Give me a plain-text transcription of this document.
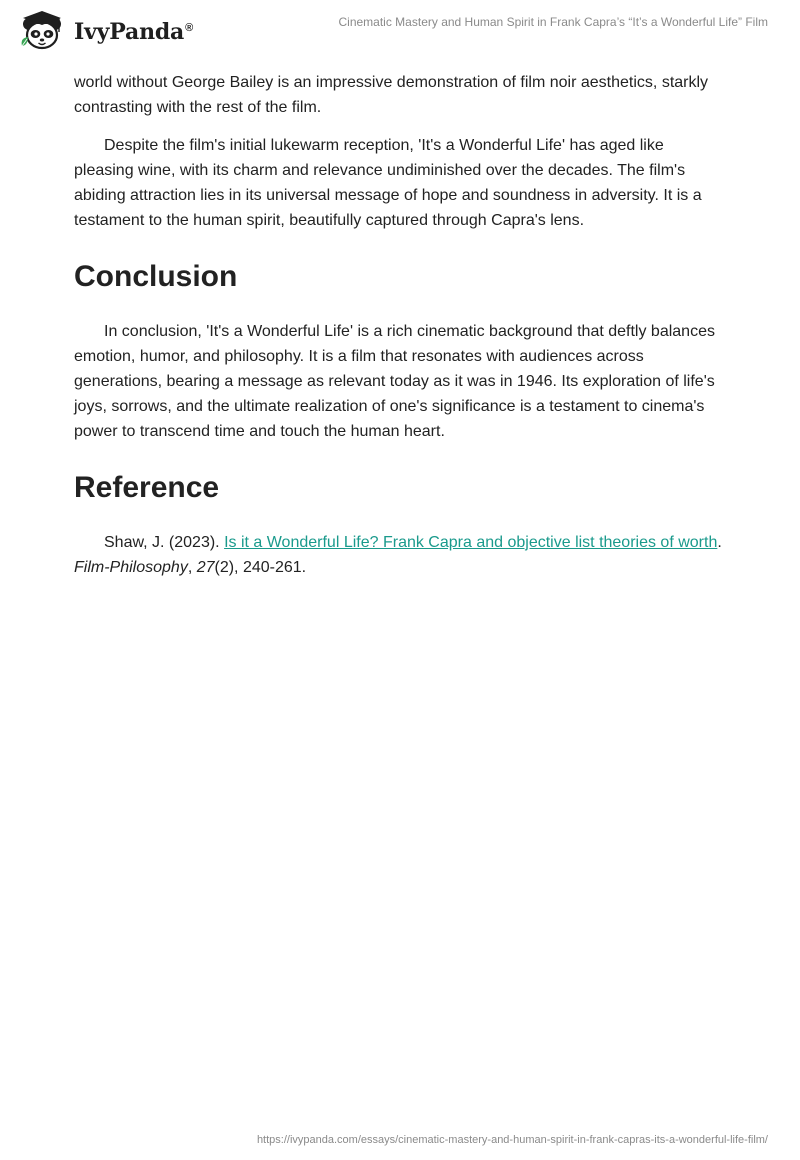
IvyPanda®	Cinematic Mastery and Human Spirit in Frank Capra’s “It’s a Wonderful Life” Film

world without George Bailey is an impressive demonstration of film noir aesthetics, starkly contrasting with the rest of the film.

Despite the film's initial lukewarm reception, 'It's a Wonderful Life' has aged like pleasing wine, with its charm and relevance undiminished over the decades. The film's abiding attraction lies in its universal message of hope and soundness in adversity. It is a testament to the human spirit, beautifully captured through Capra's lens.

Conclusion

In conclusion, 'It's a Wonderful Life' is a rich cinematic background that deftly balances emotion, humor, and philosophy. It is a film that resonates with audiences across generations, bearing a message as relevant today as it was in 1946. Its exploration of life's joys, sorrows, and the ultimate realization of one's significance is a testament to cinema's power to transcend time and touch the human heart.

Reference

Shaw, J. (2023). Is it a Wonderful Life? Frank Capra and objective list theories of worth. Film-Philosophy, 27(2), 240-261.

https://ivypanda.com/essays/cinematic-mastery-and-human-spirit-in-frank-capras-its-a-wonderful-life-film/
